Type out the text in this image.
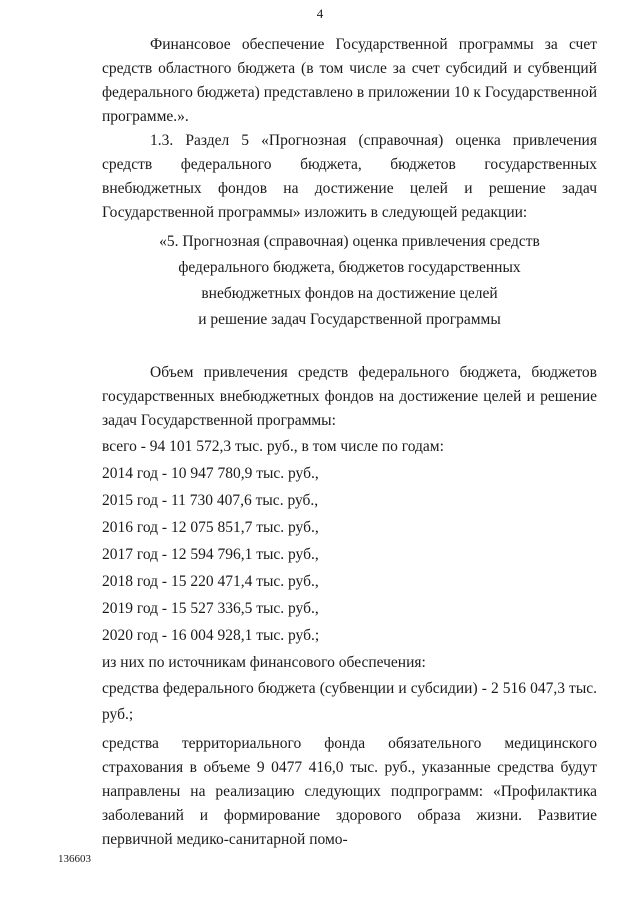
4

Финансовое обеспечение Государственной программы за счет средств областного бюджета (в том числе за счет субсидий и субвенций федерального бюджета) представлено в приложении 10 к Государственной программе.».

1.3. Раздел 5 «Прогнозная (справочная) оценка привлечения средств федерального бюджета, бюджетов государственных внебюджетных фондов на достижение целей и решение задач Государственной программы» изложить в следующей редакции:

«5. Прогнозная (справочная) оценка привлечения средств
федерального бюджета, бюджетов государственных
внебюджетных фондов на достижение целей
и решение задач Государственной программы

Объем привлечения средств федерального бюджета, бюджетов государственных внебюджетных фондов на достижение целей и решение задач Государственной программы:

всего - 94 101 572,3 тыс. руб., в том числе по годам:

2014 год - 10 947 780,9 тыс. руб.,

2015 год - 11 730 407,6 тыс. руб.,

2016 год - 12 075 851,7 тыс. руб.,

2017 год - 12 594 796,1 тыс. руб.,

2018 год - 15 220 471,4 тыс. руб.,

2019 год - 15 527 336,5 тыс. руб.,

2020 год - 16 004 928,1 тыс. руб.;

из них по источникам финансового обеспечения:

средства федерального бюджета (субвенции и субсидии) - 2 516 047,3 тыс. руб.;

средства территориального фонда обязательного медицинского страхования в объеме 9 0477 416,0 тыс. руб., указанные средства будут направлены на реализацию следующих подпрограмм: «Профилактика заболеваний и формирование здорового образа жизни. Развитие первичной медико-санитарной помо-

136603
